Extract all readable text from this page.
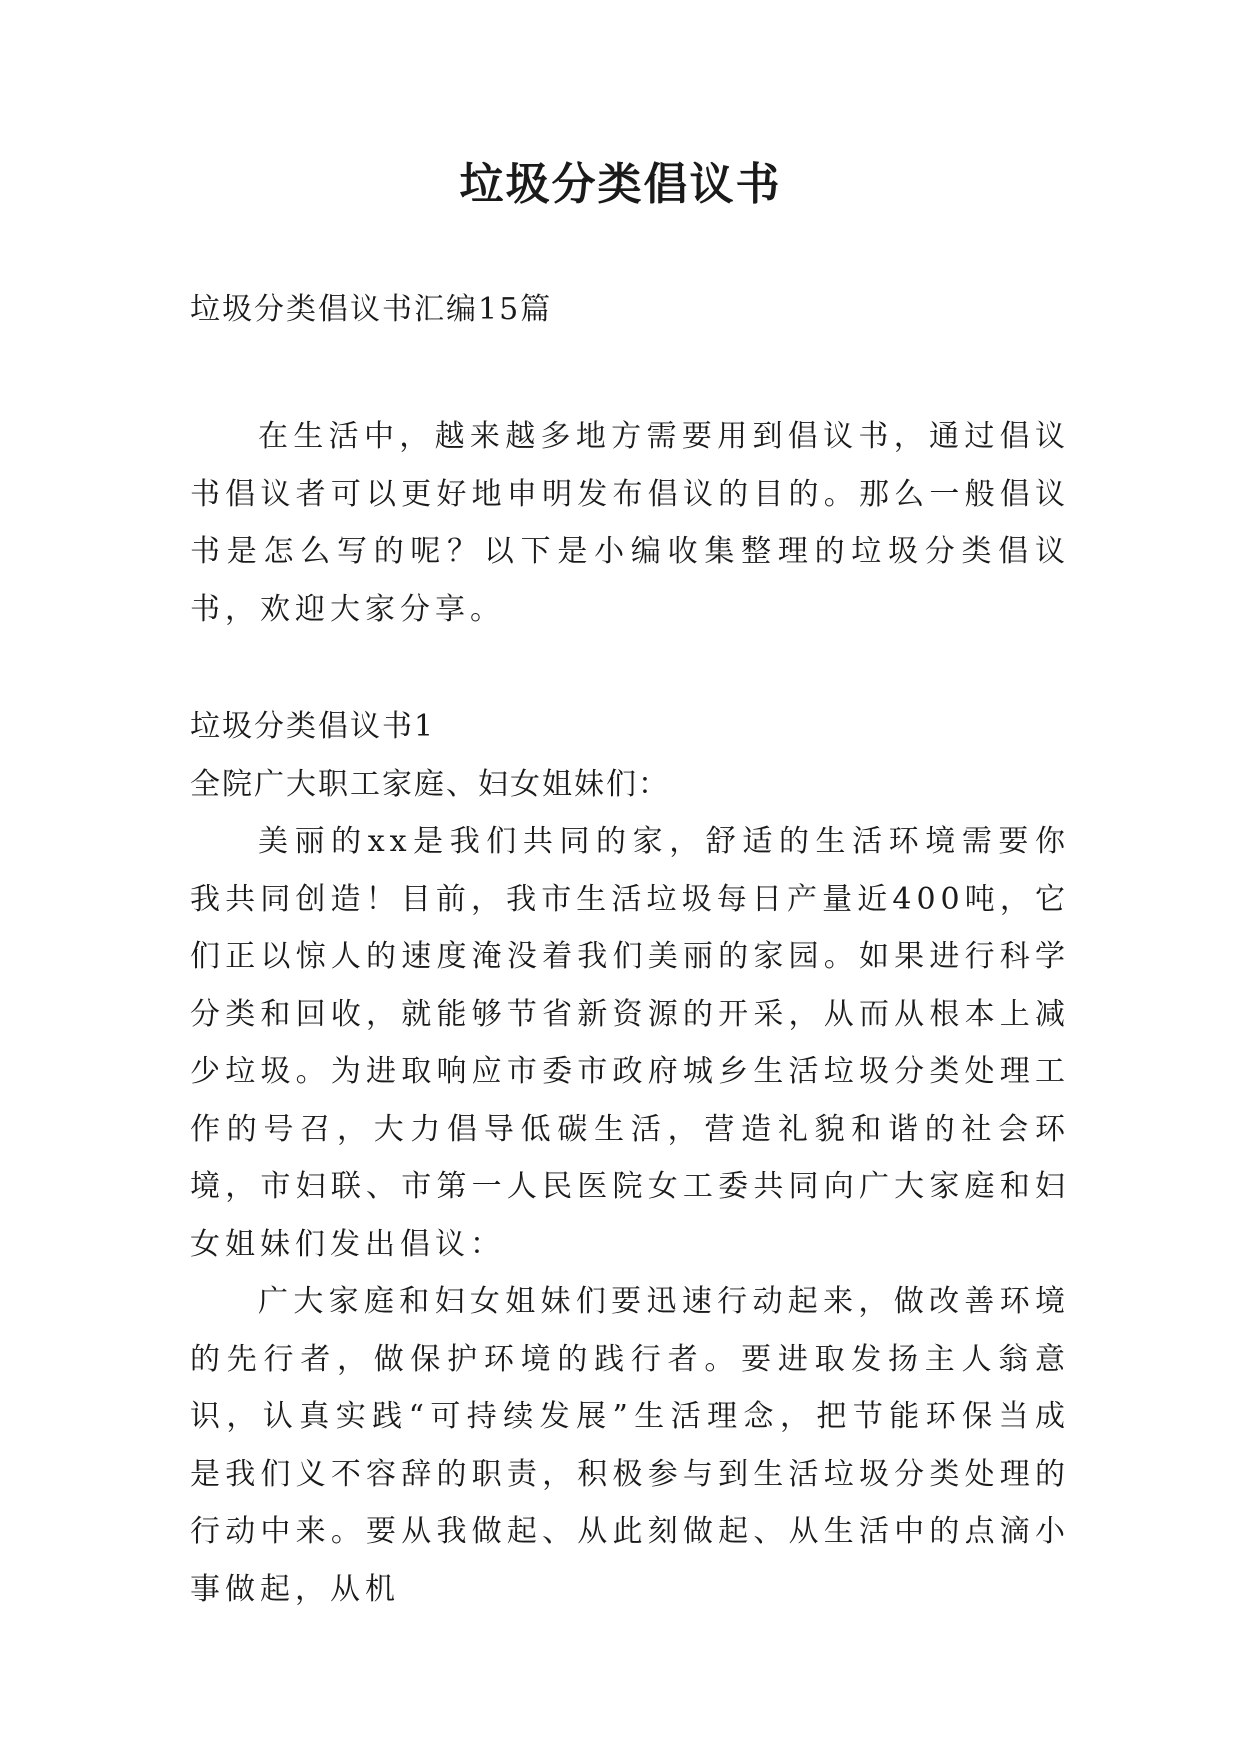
垃圾分类倡议书
垃圾分类倡议书汇编15篇

在生活中，越来越多地方需要用到倡议书，通过倡议书倡议者可以更好地申明发布倡议的目的。那么一般倡议书是怎么写的呢？以下是小编收集整理的垃圾分类倡议书，欢迎大家分享。

垃圾分类倡议书1

全院广大职工家庭、妇女姐妹们：

美丽的xx是我们共同的家，舒适的生活环境需要你我共同创造！目前，我市生活垃圾每日产量近400吨，它们正以惊人的速度淹没着我们美丽的家园。如果进行科学分类和回收，就能够节省新资源的开采，从而从根本上减少垃圾。为进取响应市委市政府城乡生活垃圾分类处理工作的号召，大力倡导低碳生活，营造礼貌和谐的社会环境，市妇联、市第一人民医院女工委共同向广大家庭和妇女姐妹们发出倡议：

广大家庭和妇女姐妹们要迅速行动起来，做改善环境的先行者，做保护环境的践行者。要进取发扬主人翁意识，认真实践“可持续发展”生活理念，把节能环保当成是我们义不容辞的职责，积极参与到生活垃圾分类处理的行动中来。要从我做起、从此刻做起、从生活中的点滴小事做起，从机
